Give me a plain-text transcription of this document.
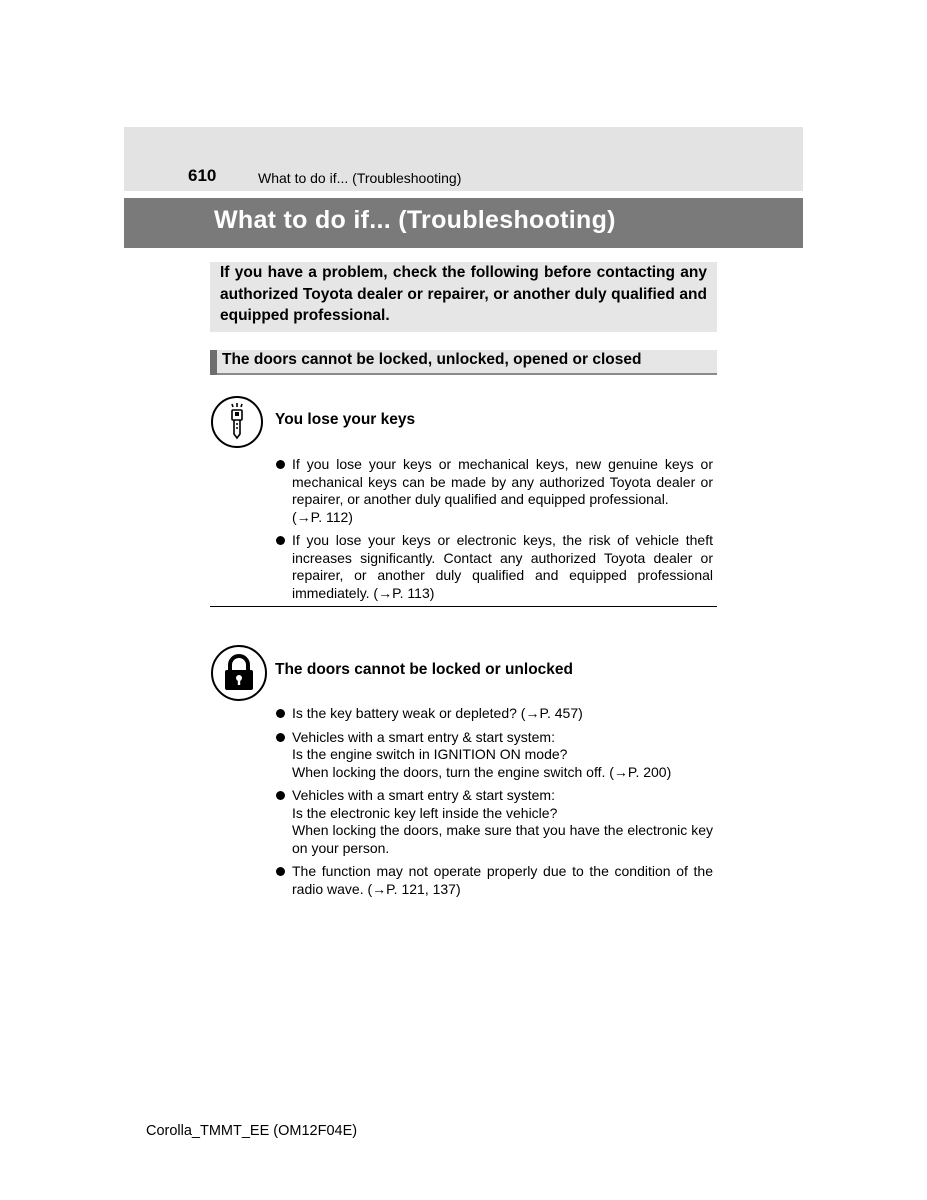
610	What to do if... (Troubleshooting)
What to do if... (Troubleshooting)
If you have a problem, check the following before contacting any authorized Toyota dealer or repairer, or another duly qualified and equipped professional.
The doors cannot be locked, unlocked, opened or closed
You lose your keys
If you lose your keys or mechanical keys, new genuine keys or mechanical keys can be made by any authorized Toyota dealer or repairer, or another duly qualified and equipped professional.
(→P. 112)
If you lose your keys or electronic keys, the risk of vehicle theft increases significantly. Contact any authorized Toyota dealer or repairer, or another duly qualified and equipped professional immediately. (→P. 113)
The doors cannot be locked or unlocked
Is the key battery weak or depleted? (→P. 457)
Vehicles with a smart entry & start system:
Is the engine switch in IGNITION ON mode?
When locking the doors, turn the engine switch off. (→P. 200)
Vehicles with a smart entry & start system:
Is the electronic key left inside the vehicle?
When locking the doors, make sure that you have the electronic key on your person.
The function may not operate properly due to the condition of the radio wave. (→P. 121, 137)
Corolla_TMMT_EE (OM12F04E)
